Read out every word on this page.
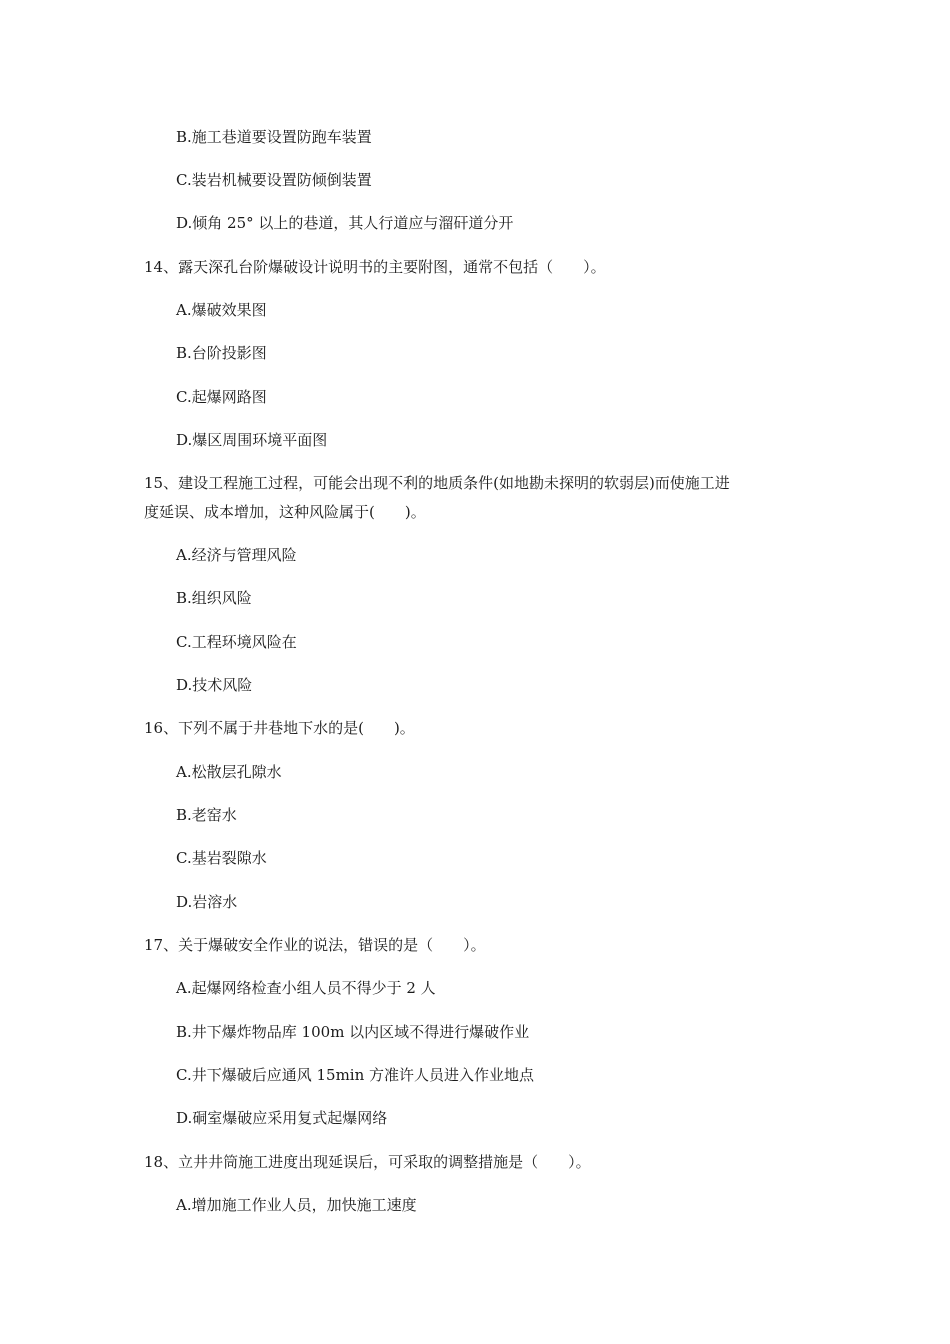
B.施工巷道要设置防跑车装置
C.装岩机械要设置防倾倒装置
D.倾角 25° 以上的巷道，其人行道应与溜矸道分开
14、露天深孔台阶爆破设计说明书的主要附图，通常不包括（　　）。
A.爆破效果图
B.台阶投影图
C.起爆网路图
D.爆区周围环境平面图
15、建设工程施工过程，可能会出现不利的地质条件(如地勘未探明的软弱层)而使施工进
度延误、成本增加，这种风险属于(　　)。
A.经济与管理风险
B.组织风险
C.工程环境风险在
D.技术风险
16、下列不属于井巷地下水的是(　　)。
A.松散层孔隙水
B.老窑水
C.基岩裂隙水
D.岩溶水
17、关于爆破安全作业的说法，错误的是（　　）。
A.起爆网络检查小组人员不得少于 2 人
B.井下爆炸物品库 100m 以内区域不得进行爆破作业
C.井下爆破后应通风 15min 方准许人员进入作业地点
D.硐室爆破应采用复式起爆网络
18、立井井筒施工进度出现延误后，可采取的调整措施是（　　）。
A.增加施工作业人员，加快施工速度
